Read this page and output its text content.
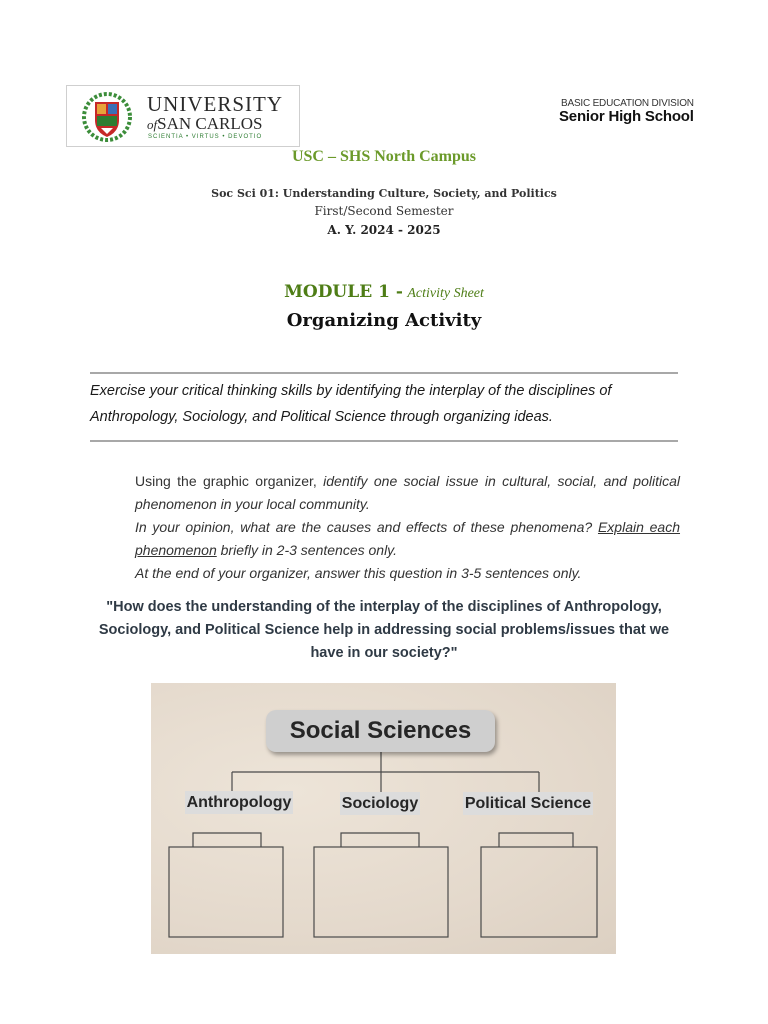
UNIVERSITY
ofSAN CARLOS
SCIENTIA • VIRTUS • DEVOTIO
BASIC EDUCATION DIVISION
Senior High School
USC – SHS North Campus
Soc Sci 01: Understanding Culture, Society, and Politics
First/Second Semester
A. Y. 2024 - 2025
MODULE 1 - Activity Sheet
Organizing Activity
Exercise your critical thinking skills by identifying the interplay of the disciplines of Anthropology, Sociology, and Political Science through organizing ideas.

Using the graphic organizer, identify one social issue in cultural, social, and political phenomenon in your local community.

In your opinion, what are the causes and effects of these phenomena? Explain each phenomenon briefly in 2-3 sentences only.

At the end of your organizer, answer this question in 3-5 sentences only.

"How does the understanding of the interplay of the disciplines of Anthropology, Sociology, and Political Science help in addressing social problems/issues that we have in our society?"
Social Sciences
Anthropology	Sociology	Political Science
